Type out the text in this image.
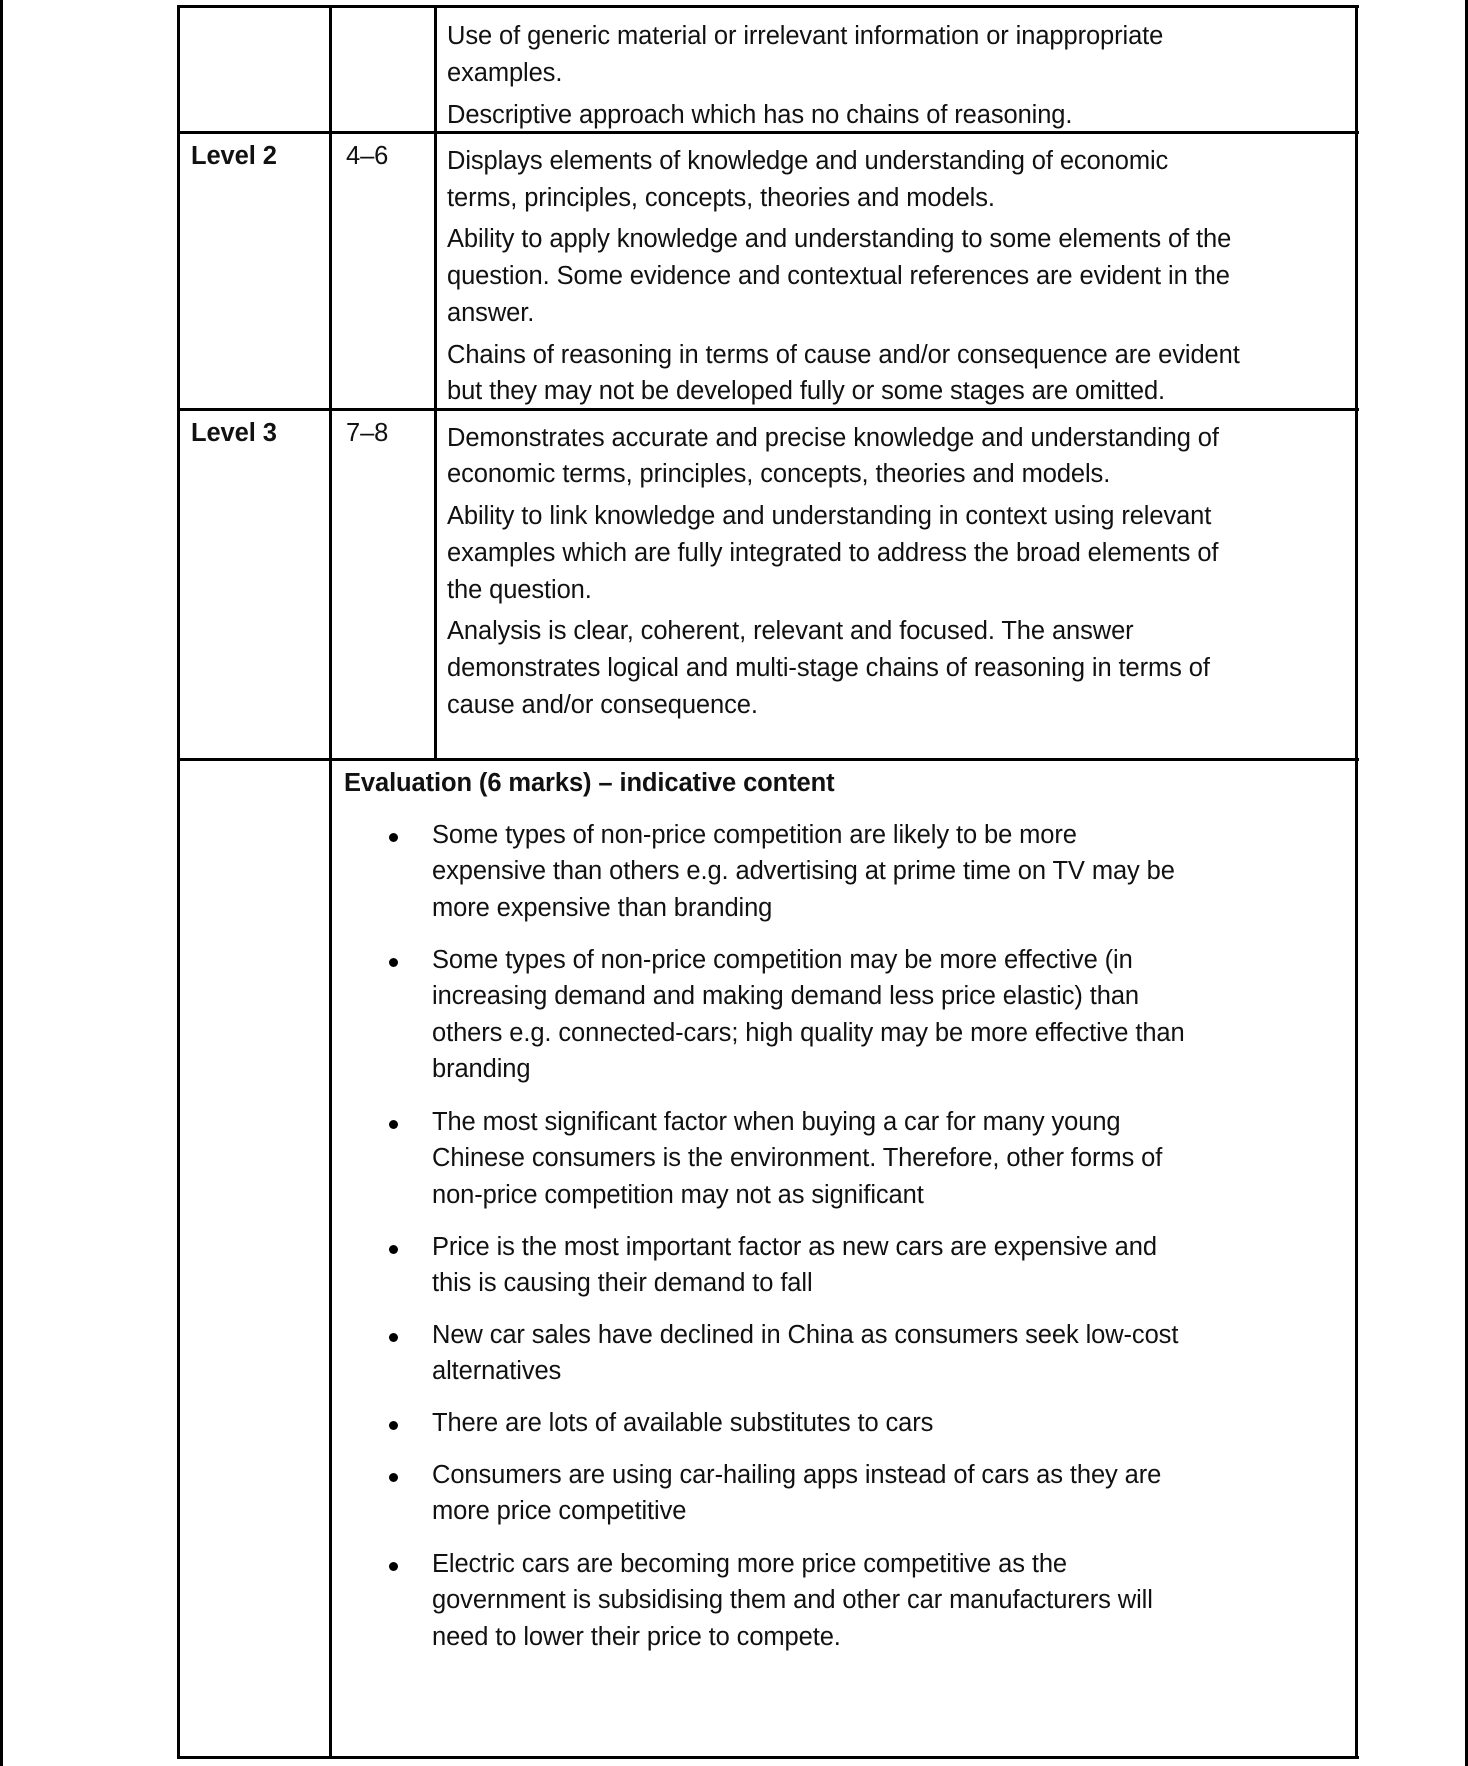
Use of generic material or irrelevant information or inappropriate
examples.
Descriptive approach which has no chains of reasoning.
Level 2	4–6 Displays elements of knowledge and understanding of economic
terms, principles, concepts, theories and models.
Ability to apply knowledge and understanding to some elements of the
question. Some evidence and contextual references are evident in the
answer.
Chains of reasoning in terms of cause and/or consequence are evident
but they may not be developed fully or some stages are omitted.
Level 3	7–8 Demonstrates accurate and precise knowledge and understanding of
economic terms, principles, concepts, theories and models.
Ability to link knowledge and understanding in context using relevant
examples which are fully integrated to address the broad elements of
the question.
Analysis is clear, coherent, relevant and focused. The answer
demonstrates logical and multi-stage chains of reasoning in terms of
cause and/or consequence.
Evaluation (6 marks) – indicative content
Some types of non-price competition are likely to be more
expensive than others e.g. advertising at prime time on TV may be
more expensive than branding
Some types of non-price competition may be more effective (in
increasing demand and making demand less price elastic) than
others e.g. connected-cars; high quality may be more effective than
branding
The most significant factor when buying a car for many young
Chinese consumers is the environment. Therefore, other forms of
non-price competition may not as significant
Price is the most important factor as new cars are expensive and
this is causing their demand to fall
New car sales have declined in China as consumers seek low-cost
alternatives
There are lots of available substitutes to cars
Consumers are using car-hailing apps instead of cars as they are
more price competitive
Electric cars are becoming more price competitive as the
government is subsidising them and other car manufacturers will
need to lower their price to compete.
